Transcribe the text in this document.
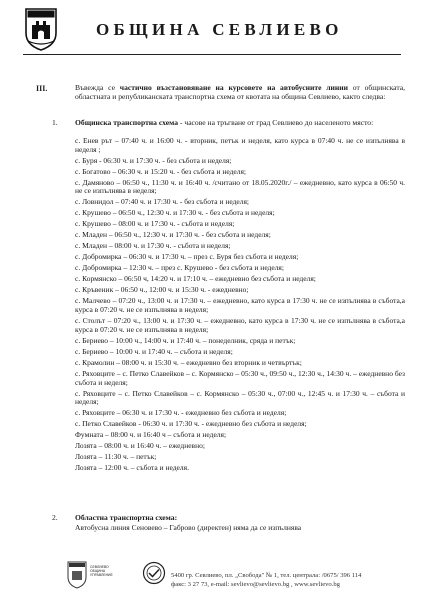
ОБЩИНА СЕВЛИЕВО
III.	Въвежда се частично възстановяване на курсовете на автобусните линии от общинската, областната и републиканската транспортна схема от квотата на община Севлиево, както следва:
1. Общинска транспортна схема - часове на тръгване от град Севлиево до населеното място:

с. Енев рът – 07:40 ч. и 16:00 ч. - вторник, петък и неделя, като курса в 07:40 ч. не се изпълнява в неделя ;

с. Буря - 06:30 ч. и 17:30 ч. - без събота и неделя;

с. Богатово – 06:30 ч. и 15:20 ч. - без събота и неделя;

с. Дамяново – 06:50 ч., 11:30 ч. и 16:40 ч. /считано от 18.05.2020г./ – ежедневно, като курса в 06:50 ч. не се изпълнява в неделя;

с. Ловнидол – 07:40 ч. и 17:30 ч. - без събота и неделя;

с. Крушево – 06:50 ч., 12:30 ч. и 17:30 ч. - без събота и неделя;

с. Крушево – 08:00 ч. и 17:30 ч. - събота и неделя;

с. Младен – 06:50 ч., 12:30 ч. и 17:30 ч. - без събота и неделя;

с. Младен – 08:00 ч. и 17:30 ч. - събота и неделя;

с. Добромирка – 06:30 ч. и 17:30 ч. – през с. Буря без събота и неделя;

с. Добромирка – 12:30 ч. – през с. Крушево - без събота и неделя;

с. Кормянско – 06:50 ч, 14:20 ч. и 17:10 ч. – ежедневно без събота и неделя;

с. Кръвеник – 06:50 ч., 12:00 ч. и 15:30 ч. - ежедневно;

с. Малчево – 07:20 ч., 13:00 ч. и 17:30 ч. – ежедневно, като курса в 17:30 ч. не се изпълнява в събота,а курса в 07:20 ч. не се изпълнява в неделя;

с. Столът – 07:20 ч., 13:00 ч. и 17:30 ч. – ежедневно, като курса в 17:30 ч. не се изпълнява в събота,а курса в 07:20 ч. не се изпълнява в неделя;

с. Бериево – 10:00 ч., 14:00 ч. и 17:40 ч. – понеделник, сряда и петък;

с. Бериево – 10:00 ч. и 17:40 ч. – събота и неделя;

с. Крамолин – 08:00 ч. и 15:30 ч. – ежедневно без вторник и четвъртък;

с. Ряховците – с. Петко Славейков – с. Кормянско – 05:30 ч., 09:50 ч., 12:30 ч., 14:30 ч. – ежедневно без събота и неделя;

с. Ряховците – с. Петко Славейков – с. Кормянско – 05:30 ч., 07:00 ч., 12:45 ч. и 17:30 ч. – събота и неделя;

с. Ряховците – 06:30 ч. и 17:30 ч. - ежедневно без събота и неделя;

с. Петко Славейков - 06:30 ч. и 17:30 ч. - ежедневно без събота и неделя;

Фумната – 08:00 ч. и 16:40 ч – събота и неделя;

Лозята – 08:00 ч. и 16:40 ч. – ежедневно;

Лозята – 11:30 ч. – петък;

Лозята – 12:00 ч. – събота и неделя.

2. Областна транспортна схема:
Автобусна линия Сеновево – Габрово (директен) няма да се изпълнява
СЕВЛИЕВО ОБЩИНА УПРАВЛЕНИЕ	5400 гр. Севлиево, пл. „Свобода" № 1, тел. централа: /0675/ 396 114
факс: 3 27 73, e-mail: sevlievo@sevlievo.bg , www.sevlievo.bg
